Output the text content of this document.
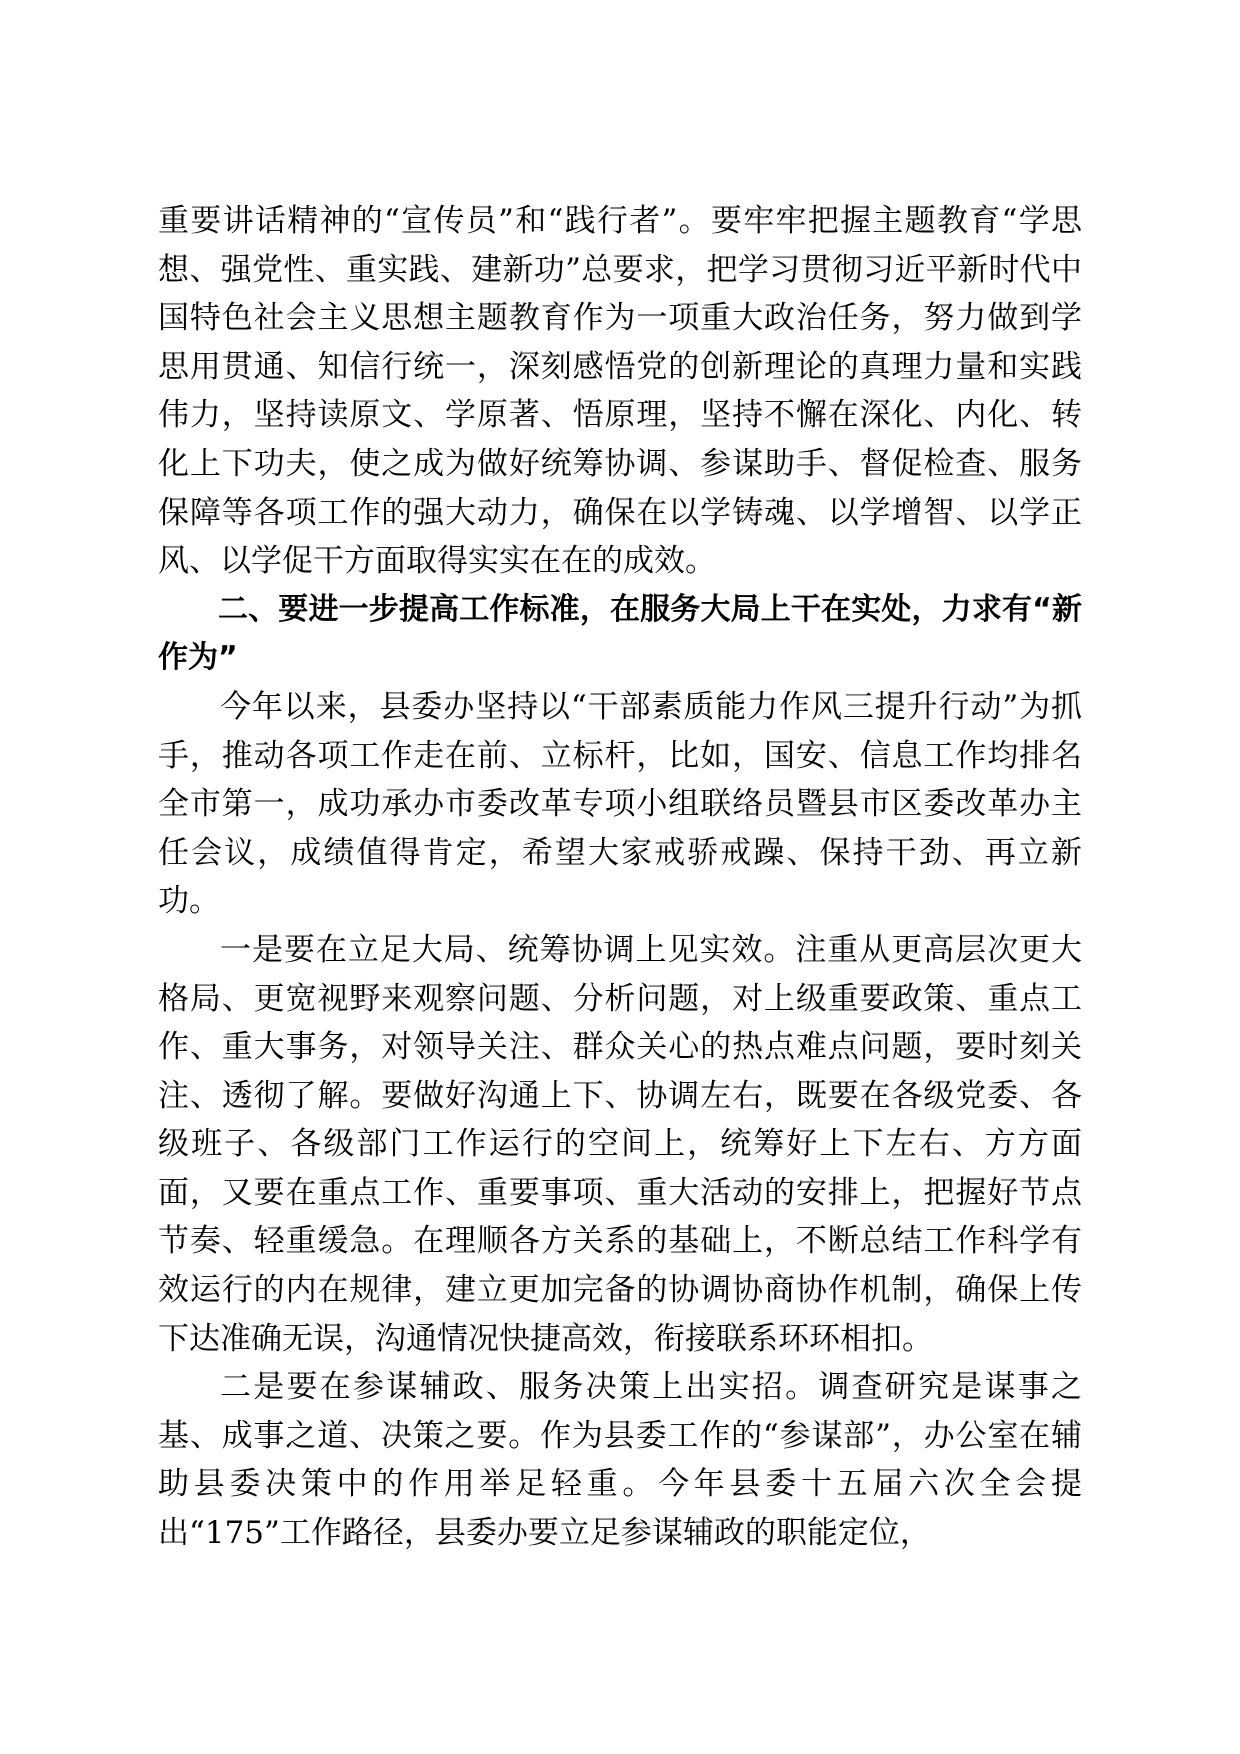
重要讲话精神的“宣传员”和“践行者”。要牢牢把握主题教育“学思想、强党性、重实践、建新功”总要求，把学习贯彻习近平新时代中国特色社会主义思想主题教育作为一项重大政治任务，努力做到学思用贯通、知信行统一，深刻感悟党的创新理论的真理力量和实践伟力，坚持读原文、学原著、悟原理，坚持不懈在深化、内化、转化上下功夫，使之成为做好统筹协调、参谋助手、督促检查、服务保障等各项工作的强大动力，确保在以学铸魂、以学增智、以学正风、以学促干方面取得实实在在的成效。

二、要进一步提高工作标准，在服务大局上干在实处，力求有“新作为”

今年以来，县委办坚持以“干部素质能力作风三提升行动”为抓手，推动各项工作走在前、立标杆，比如，国安、信息工作均排名全市第一，成功承办市委改革专项小组联络员暨县市区委改革办主任会议，成绩值得肯定，希望大家戒骄戒躁、保持干劲、再立新功。

一是要在立足大局、统筹协调上见实效。注重从更高层次更大格局、更宽视野来观察问题、分析问题，对上级重要政策、重点工作、重大事务，对领导关注、群众关心的热点难点问题，要时刻关注、透彻了解。要做好沟通上下、协调左右，既要在各级党委、各级班子、各级部门工作运行的空间上，统筹好上下左右、方方面面，又要在重点工作、重要事项、重大活动的安排上，把握好节点节奏、轻重缓急。在理顺各方关系的基础上，不断总结工作科学有效运行的内在规律，建立更加完备的协调协商协作机制，确保上传下达准确无误，沟通情况快捷高效，衔接联系环环相扣。

二是要在参谋辅政、服务决策上出实招。调查研究是谋事之基、成事之道、决策之要。作为县委工作的“参谋部”，办公室在辅助县委决策中的作用举足轻重。今年县委十五届六次全会提出“175”工作路径，县委办要立足参谋辅政的职能定位，
